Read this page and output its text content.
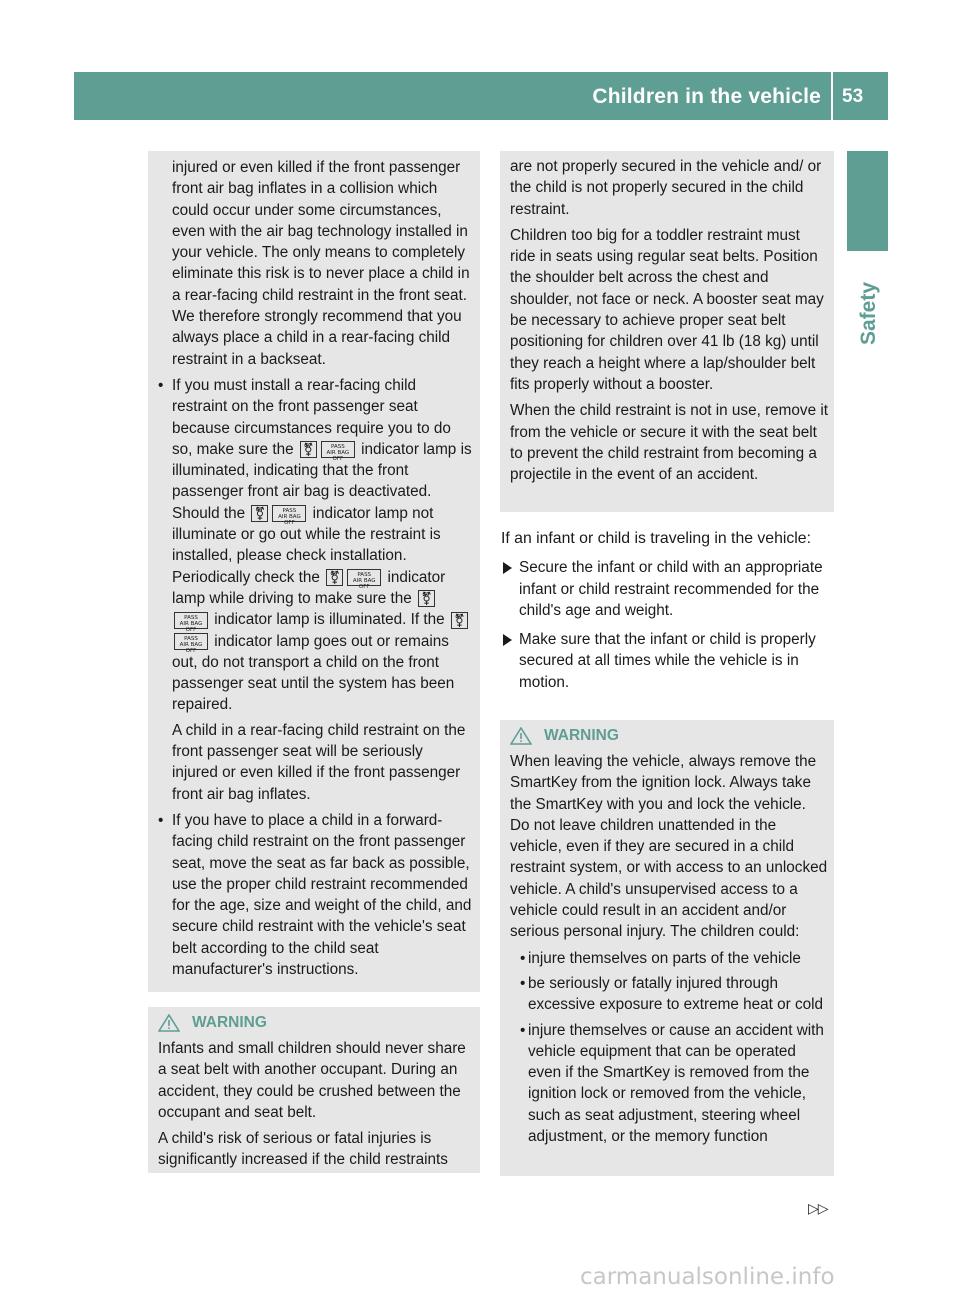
Children in the vehicle 53
Safety

injured or even killed if the front passenger front air bag inflates in a collision which could occur under some circumstances, even with the air bag technology installed in your vehicle. The only means to completely eliminate this risk is to never place a child in a rear-facing child restraint in the front seat. We therefore strongly recommend that you always place a child in a rear-facing child restraint in a backseat.

• If you must install a rear-facing child restraint on the front passenger seat because circumstances require you to do so, make sure the ⚧	PASS
AIR BAG OFF indicator lamp is illuminated, indicating that the front passenger front air bag is deactivated. Should the ⚧	PASS
AIR BAG OFF indicator lamp not illuminate or go out while the restraint is installed, please check installation. Periodically check the ⚧	PASS
AIR BAG OFF indicator lamp while driving to make sure the ⚧PASS
AIR BAG OFF indicator lamp is illuminated. If the ⚧PASS
AIR BAG OFF indicator lamp goes out or remains out, do not transport a child on the front passenger seat until the system has been repaired.

A child in a rear-facing child restraint on the front passenger seat will be seriously injured or even killed if the front passenger front air bag inflates.

• If you have to place a child in a forward-facing child restraint on the front passenger seat, move the seat as far back as possible, use the proper child restraint recommended for the age, size and weight of the child, and secure child restraint with the vehicle's seat belt according to the child seat manufacturer's instructions.
WARNING

Infants and small children should never share a seat belt with another occupant. During an accident, they could be crushed between the occupant and seat belt.

A child's risk of serious or fatal injuries is significantly increased if the child restraints

are not properly secured in the vehicle and/ or the child is not properly secured in the child restraint.

Children too big for a toddler restraint must ride in seats using regular seat belts. Position the shoulder belt across the chest and shoulder, not face or neck. A booster seat may be necessary to achieve proper seat belt positioning for children over 41 lb (18 kg) until they reach a height where a lap/shoulder belt fits properly without a booster.

When the child restraint is not in use, remove it from the vehicle or secure it with the seat belt to prevent the child restraint from becoming a projectile in the event of an accident.

If an infant or child is traveling in the vehicle:

Secure the infant or child with an appropriate infant or child restraint recommended for the child's age and weight.
Make sure that the infant or child is properly secured at all times while the vehicle is in motion.
WARNING

When leaving the vehicle, always remove the SmartKey from the ignition lock. Always take the SmartKey with you and lock the vehicle. Do not leave children unattended in the vehicle, even if they are secured in a child restraint system, or with access to an unlocked vehicle. A child's unsupervised access to a vehicle could result in an accident and/or serious personal injury. The children could:

• injure themselves on parts of the vehicle
• be seriously or fatally injured through excessive exposure to extreme heat or cold
• injure themselves or cause an accident with vehicle equipment that can be operated even if the SmartKey is removed from the ignition lock or removed from the vehicle, such as seat adjustment, steering wheel adjustment, or the memory function
▷▷
carmanualsonline.info
